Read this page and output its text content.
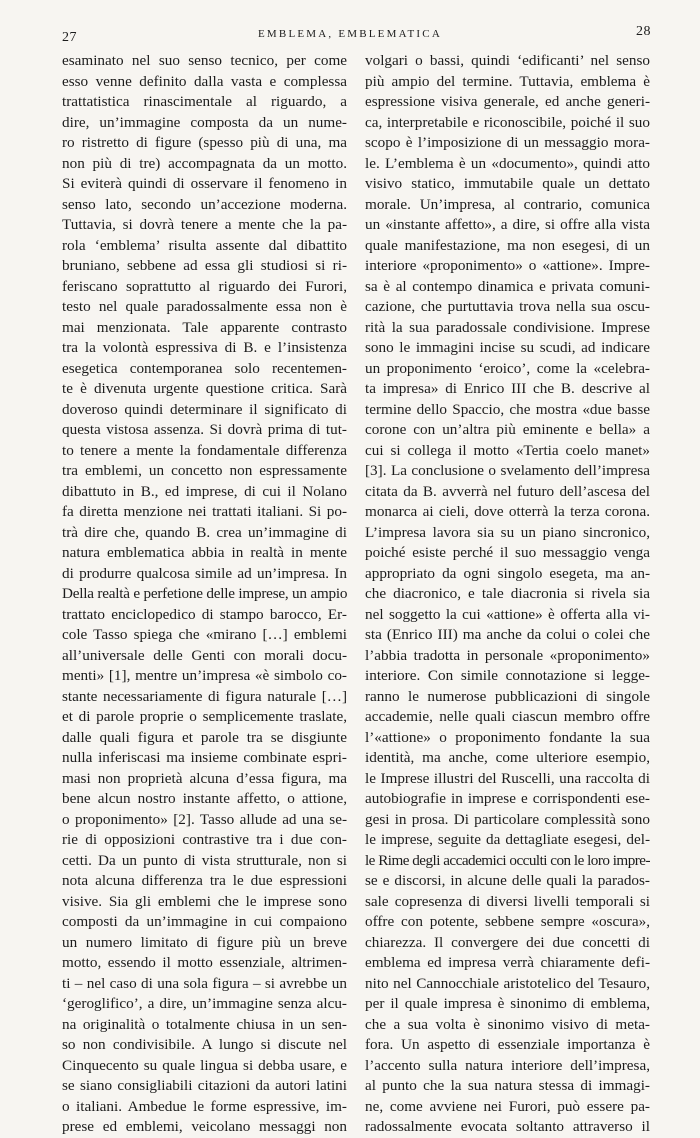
27	EMBLEMA, EMBLEMATICA	28
esaminato nel suo senso tecnico, per come
esso venne definito dalla vasta e complessa
trattatistica rinascimentale al riguardo, a
dire, un’immagine composta da un nume-
ro ristretto di figure (spesso più di una, ma
non più di tre) accompagnata da un motto.
Si eviterà quindi di osservare il fenomeno in
senso lato, secondo un’accezione moderna.
Tuttavia, si dovrà tenere a mente che la pa-
rola ‘emblema’ risulta assente dal dibattito
bruniano, sebbene ad essa gli studiosi si ri-
feriscano soprattutto al riguardo dei Furori,
testo nel quale paradossalmente essa non è
mai menzionata. Tale apparente contrasto
tra la volontà espressiva di B. e l’insistenza
esegetica contemporanea solo recentemen-
te è divenuta urgente questione critica. Sarà
doveroso quindi determinare il significato di
questa vistosa assenza. Si dovrà prima di tut-
to tenere a mente la fondamentale differenza
tra emblemi, un concetto non espressamente
dibattuto in B., ed imprese, di cui il Nolano
fa diretta menzione nei trattati italiani. Si po-
trà dire che, quando B. crea un’immagine di
natura emblematica abbia in realtà in mente
di produrre qualcosa simile ad un’impresa. In
Della realtà e perfetione delle imprese, un ampio
trattato enciclopedico di stampo barocco, Er-
cole Tasso spiega che «mirano […] emblemi
all’universale delle Genti con morali docu-
menti» [1], mentre un’impresa «è simbolo co-
stante necessariamente di figura naturale […]
et di parole proprie o semplicemente traslate,
dalle quali figura et parole tra se disgiunte
nulla inferiscasi ma insieme combinate espri-
masi non proprietà alcuna d’essa figura, ma
bene alcun nostro instante affetto, o attione,
o proponimento» [2]. Tasso allude ad una se-
rie di opposizioni contrastive tra i due con-
cetti. Da un punto di vista strutturale, non si
nota alcuna differenza tra le due espressioni
visive. Sia gli emblemi che le imprese sono
composti da un’immagine in cui compaiono
un numero limitato di figure più un breve
motto, essendo il motto essenziale, altrimen-
ti – nel caso di una sola figura – si avrebbe un
‘geroglifico’, a dire, un’immagine senza alcu-
na originalità o totalmente chiusa in un sen-
so non condivisibile. A lungo si discute nel
Cinquecento su quale lingua si debba usare, e
se siano consigliabili citazioni da autori latini
o italiani. Ambedue le forme espressive, im-
prese ed emblemi, veicolano messaggi non
volgari o bassi, quindi ‘edificanti’ nel senso
più ampio del termine. Tuttavia, emblema è
espressione visiva generale, ed anche generi-
ca, interpretabile e riconoscibile, poiché il suo
scopo è l’imposizione di un messaggio mora-
le. L’emblema è un «documento», quindi atto
visivo statico, immutabile quale un dettato
morale. Un’impresa, al contrario, comunica
un «instante affetto», a dire, si offre alla vista
quale manifestazione, ma non esegesi, di un
interiore «proponimento» o «attione». Impre-
sa è al contempo dinamica e privata comuni-
cazione, che purtuttavia trova nella sua oscu-
rità la sua paradossale condivisione. Imprese
sono le immagini incise su scudi, ad indicare
un proponimento ‘eroico’, come la «celebra-
ta impresa» di Enrico III che B. descrive al
termine dello Spaccio, che mostra «due basse
corone con un’altra più eminente e bella» a
cui si collega il motto «Tertia coelo manet»
[3]. La conclusione o svelamento dell’impresa
citata da B. avverrà nel futuro dell’ascesa del
monarca ai cieli, dove otterrà la terza corona.
L’impresa lavora sia su un piano sincronico,
poiché esiste perché il suo messaggio venga
appropriato da ogni singolo esegeta, ma an-
che diacronico, e tale diacronia si rivela sia
nel soggetto la cui «attione» è offerta alla vi-
sta (Enrico III) ma anche da colui o colei che
l’abbia tradotta in personale «proponimento»
interiore. Con simile connotazione si legge-
ranno le numerose pubblicazioni di singole
accademie, nelle quali ciascun membro offre
l’«attione» o proponimento fondante la sua
identità, ma anche, come ulteriore esempio,
le Imprese illustri del Ruscelli, una raccolta di
autobiografie in imprese e corrispondenti ese-
gesi in prosa. Di particolare complessità sono
le imprese, seguite da dettagliate esegesi, del-
le Rime degli accademici occulti con le loro impre-
se e discorsi, in alcune delle quali la parados-
sale copresenza di diversi livelli temporali si
offre con potente, sebbene sempre «oscura»,
chiarezza. Il convergere dei due concetti di
emblema ed impresa verrà chiaramente defi-
nito nel Cannocchiale aristotelico del Tesauro,
per il quale impresa è sinonimo di emblema,
che a sua volta è sinonimo visivo di meta-
fora. Un aspetto di essenziale importanza è
l’accento sulla natura interiore dell’impresa,
al punto che la sua natura stessa di immagi-
ne, come avviene nei Furori, può essere pa-
radossalmente evocata soltanto attraverso il
